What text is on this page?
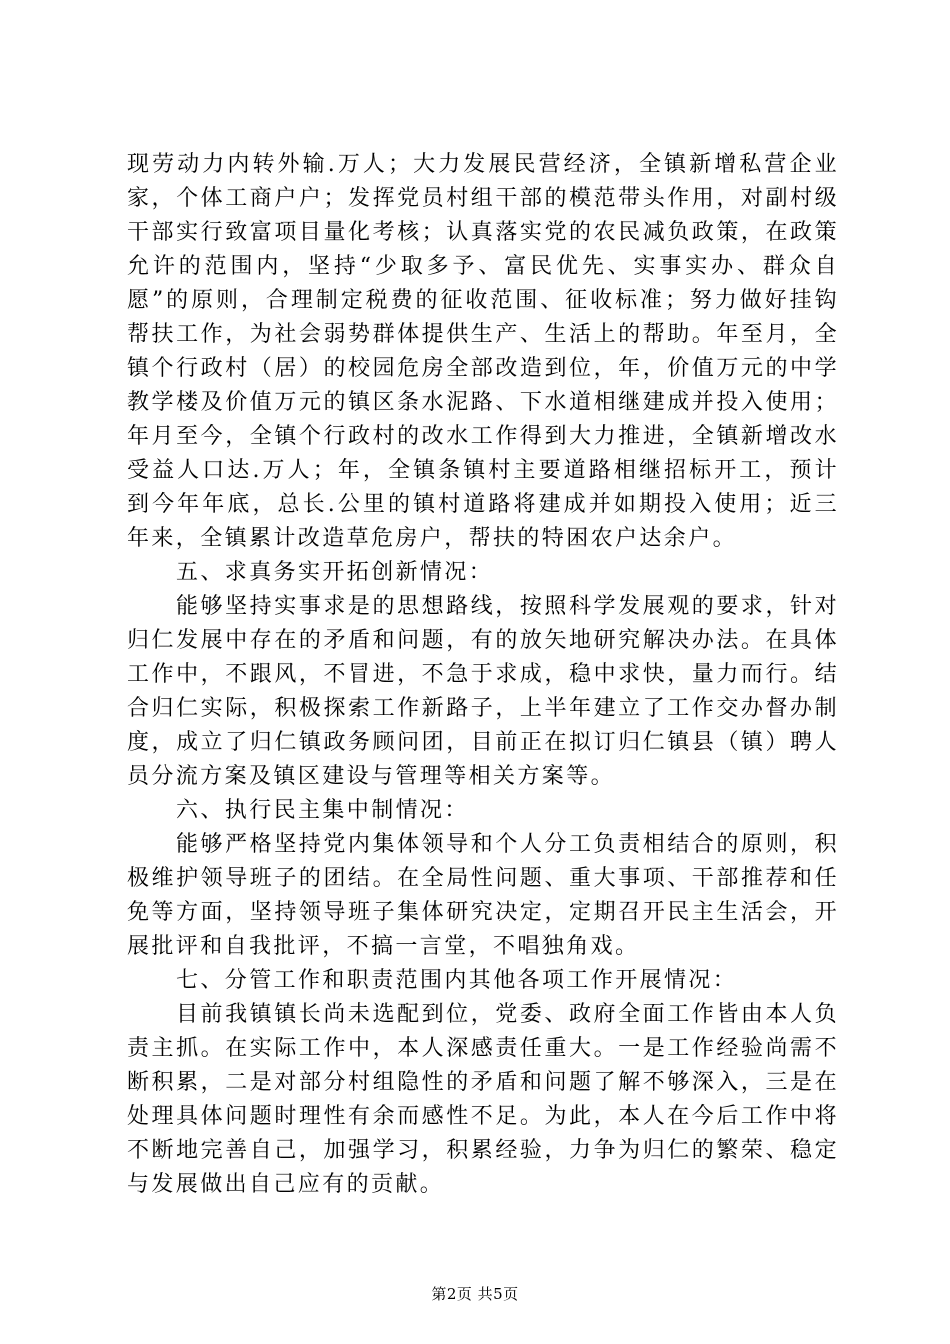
现劳动力内转外输.万人；大力发展民营经济，全镇新增私营企业家，个体工商户户；发挥党员村组干部的模范带头作用，对副村级干部实行致富项目量化考核；认真落实党的农民减负政策，在政策允许的范围内，坚持“少取多予、富民优先、实事实办、群众自愿”的原则，合理制定税费的征收范围、征收标准；努力做好挂钩帮扶工作，为社会弱势群体提供生产、生活上的帮助。年至月，全镇个行政村（居）的校园危房全部改造到位，年，价值万元的中学教学楼及价值万元的镇区条水泥路、下水道相继建成并投入使用；年月至今，全镇个行政村的改水工作得到大力推进，全镇新增改水受益人口达.万人；年，全镇条镇村主要道路相继招标开工，预计到今年年底，总长.公里的镇村道路将建成并如期投入使用；近三年来，全镇累计改造草危房户，帮扶的特困农户达余户。

五、求真务实开拓创新情况：

能够坚持实事求是的思想路线，按照科学发展观的要求，针对归仁发展中存在的矛盾和问题，有的放矢地研究解决办法。在具体工作中，不跟风，不冒进，不急于求成，稳中求快，量力而行。结合归仁实际，积极探索工作新路子，上半年建立了工作交办督办制度，成立了归仁镇政务顾问团，目前正在拟订归仁镇县（镇）聘人员分流方案及镇区建设与管理等相关方案等。

六、执行民主集中制情况：

能够严格坚持党内集体领导和个人分工负责相结合的原则，积极维护领导班子的团结。在全局性问题、重大事项、干部推荐和任免等方面，坚持领导班子集体研究决定，定期召开民主生活会，开展批评和自我批评，不搞一言堂，不唱独角戏。

七、分管工作和职责范围内其他各项工作开展情况：

目前我镇镇长尚未选配到位，党委、政府全面工作皆由本人负责主抓。在实际工作中，本人深感责任重大。一是工作经验尚需不断积累，二是对部分村组隐性的矛盾和问题了解不够深入，三是在处理具体问题时理性有余而感性不足。为此，本人在今后工作中将不断地完善自己，加强学习，积累经验，力争为归仁的繁荣、稳定与发展做出自己应有的贡献。

第2页 共5页
